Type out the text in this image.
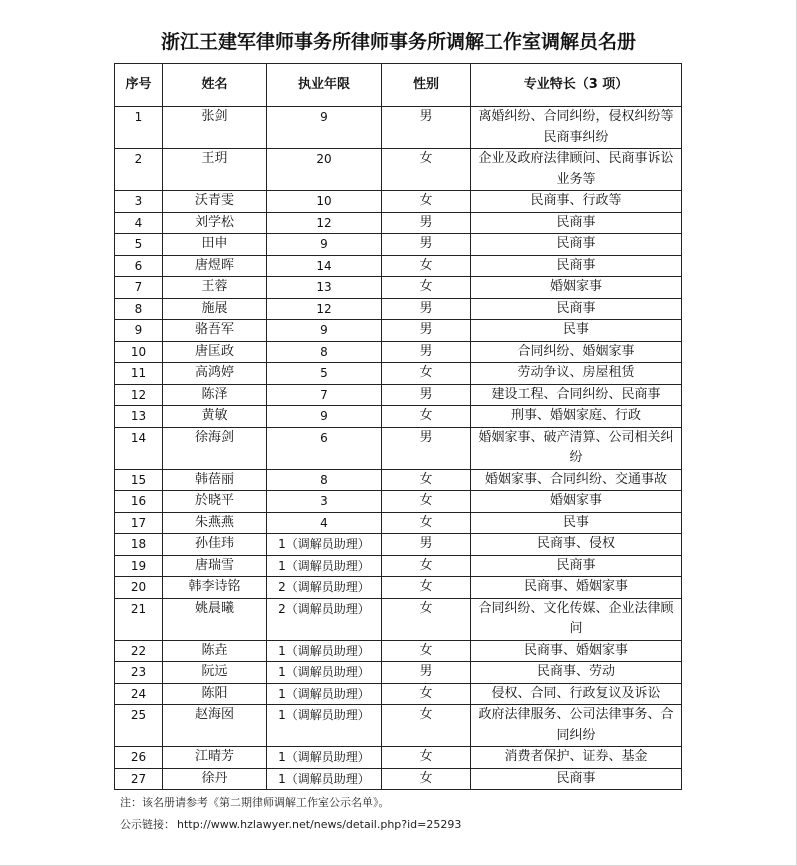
浙江王建军律师事务所律师事务所调解工作室调解员名册
序号	姓名	执业年限	性别	专业特长（3 项）
1	张剑	9	男	离婚纠纷、合同纠纷，侵权纠纷等民商事纠纷
2	王玥	20	女	企业及政府法律顾问、民商事诉讼业务等
3	沃青雯	10	女	民商事、行政等
4	刘学松	12	男	民商事
5	田申	9	男	民商事
6	唐煜晖	14	女	民商事
7	王蓉	13	女	婚姻家事
8	施展	12	男	民商事
9	骆吾军	9	男	民事
10	唐匡政	8	男	合同纠纷、婚姻家事
11	高鸿婷	5	女	劳动争议、房屋租赁
12	陈泽	7	男	建设工程、合同纠纷、民商事
13	黄敏	9	女	刑事、婚姻家庭、行政
14	徐海剑	6	男	婚姻家事、破产清算、公司相关纠纷
15	韩蓓丽	8	女	婚姻家事、合同纠纷、交通事故
16	於晓平	3	女	婚姻家事
17	朱燕燕	4	女	民事
18	孙佳玮	1（调解员助理）	男	民商事、侵权
19	唐瑞雪	1（调解员助理）	女	民商事
20	韩李诗铭	2（调解员助理）	女	民商事、婚姻家事
21	姚晨曦	2（调解员助理）	女	合同纠纷、文化传媒、企业法律顾问
22	陈垚	1（调解员助理）	女	民商事、婚姻家事
23	阮远	1（调解员助理）	男	民商事、劳动
24	陈阳	1（调解员助理）	女	侵权、合同、行政复议及诉讼
25	赵海囡	1（调解员助理）	女	政府法律服务、公司法律事务、合同纠纷
26	江晴芳	1（调解员助理）	女	消费者保护、证券、基金
27	徐丹	1（调解员助理）	女	民商事
注：该名册请参考《第二期律师调解工作室公示名单》。
公示链接： http://www.hzlawyer.net/news/detail.php?id=25293
